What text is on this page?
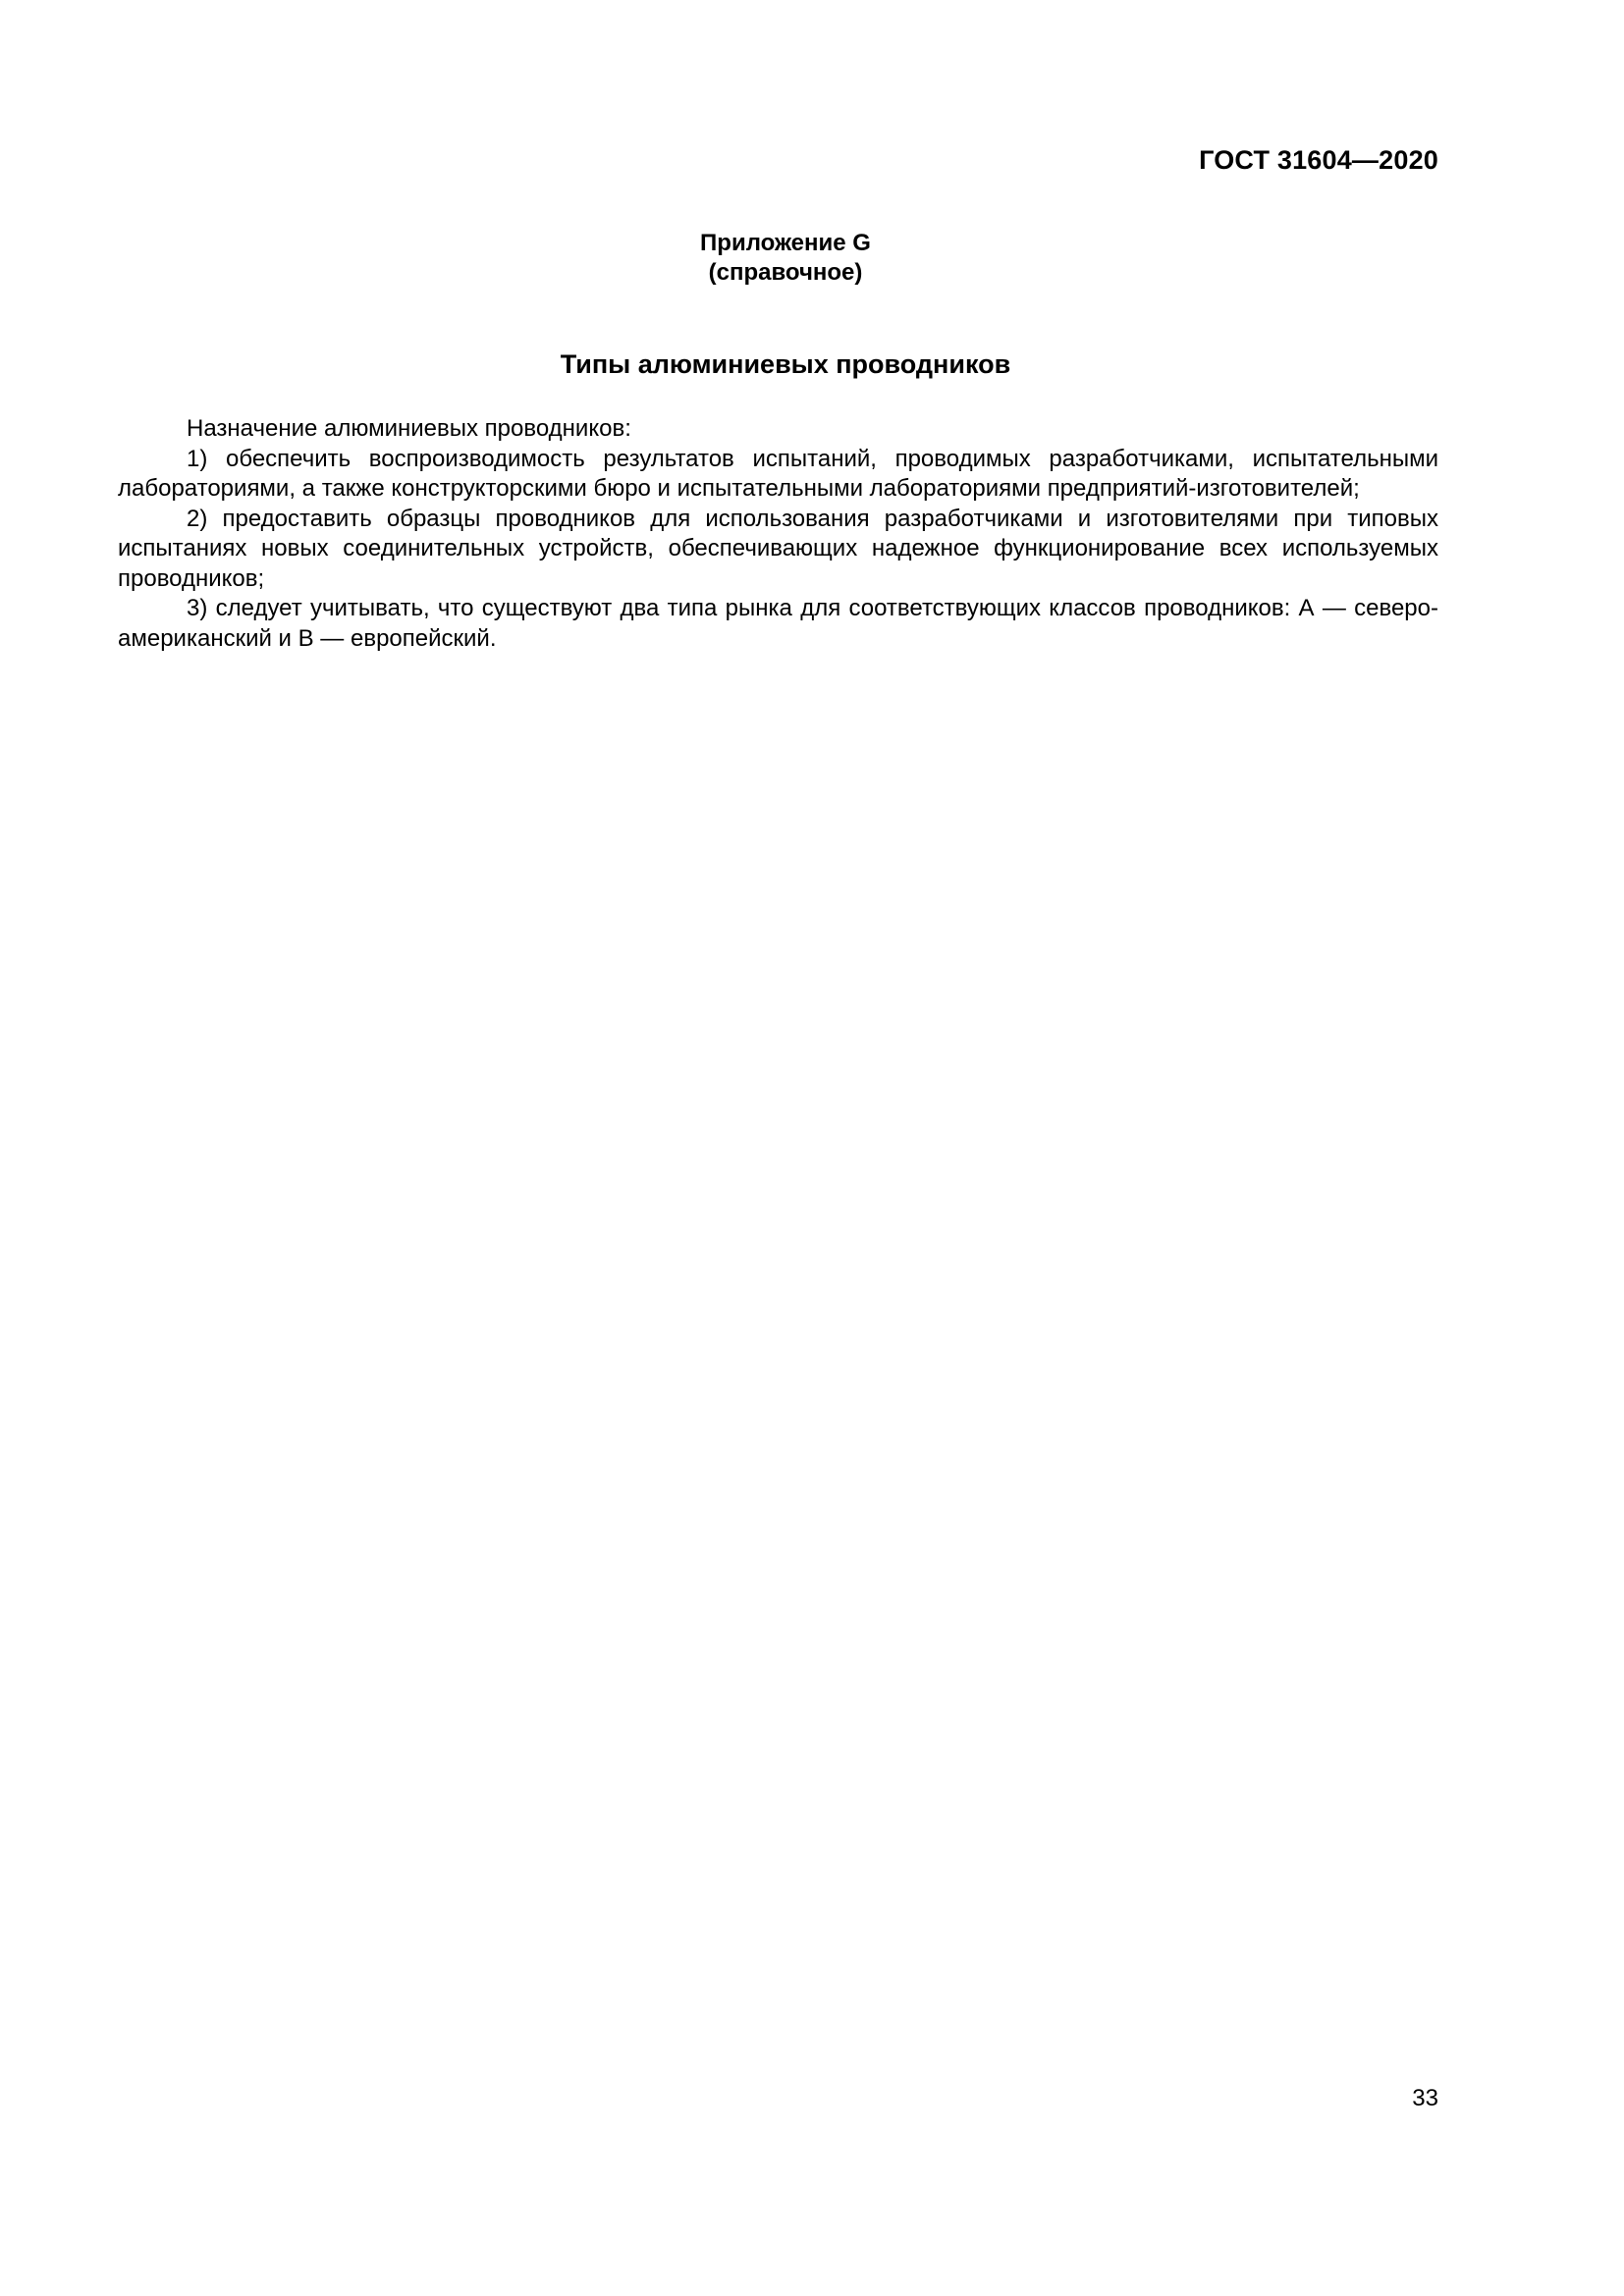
ГОСТ 31604—2020
Приложение G
(справочное)
Типы алюминиевых проводников

Назначение алюминиевых проводников:

1) обеспечить воспроизводимость результатов испытаний, проводимых разработчиками, испытательными лабораториями, а также конструкторскими бюро и испытательными лабораториями предприятий-изготовителей;

2) предоставить образцы проводников для использования разработчиками и изготовителями при типовых испытаниях новых соединительных устройств, обеспечивающих надежное функционирование всех используемых проводников;

3) следует учитывать, что существуют два типа рынка для соответствующих классов проводников: А — северо-американский и В — европейский.

33
